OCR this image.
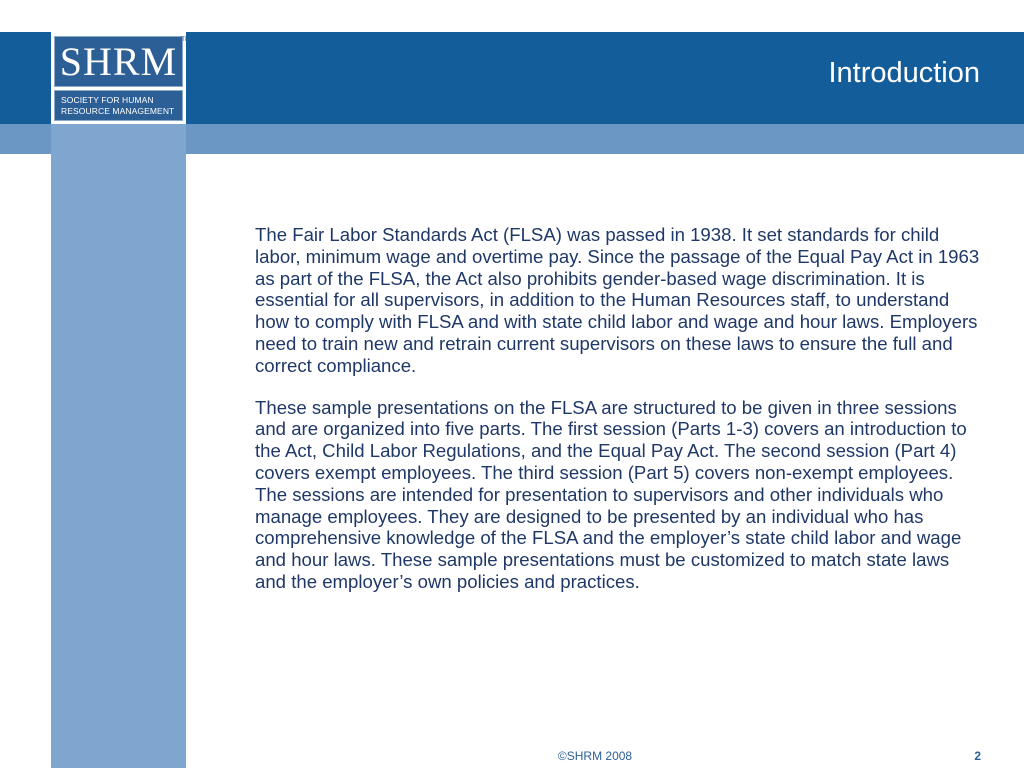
SHRM TM
SOCIETY FOR HUMAN
RESOURCE MANAGEMENT
Introduction

The Fair Labor Standards Act (FLSA) was passed in 1938. It set standards for child labor, minimum wage and overtime pay. Since the passage of the Equal Pay Act in 1963 as part of the FLSA, the Act also prohibits gender-based wage discrimination. It is essential for all supervisors, in addition to the Human Resources staff, to understand how to comply with FLSA and with state child labor and wage and hour laws. Employers need to train new and retrain current supervisors on these laws to ensure the full and correct compliance.

These sample presentations on the FLSA are structured to be given in three sessions and are organized into five parts. The first session (Parts 1-3) covers an introduction to the Act, Child Labor Regulations, and the Equal Pay Act. The second session (Part 4) covers exempt employees. The third session (Part 5) covers non-exempt employees. The sessions are intended for presentation to supervisors and other individuals who manage employees. They are designed to be presented by an individual who has comprehensive knowledge of the FLSA and the employer’s state child labor and wage and hour laws. These sample presentations must be customized to match state laws and the employer’s own policies and practices.

©SHRM 2008	2
